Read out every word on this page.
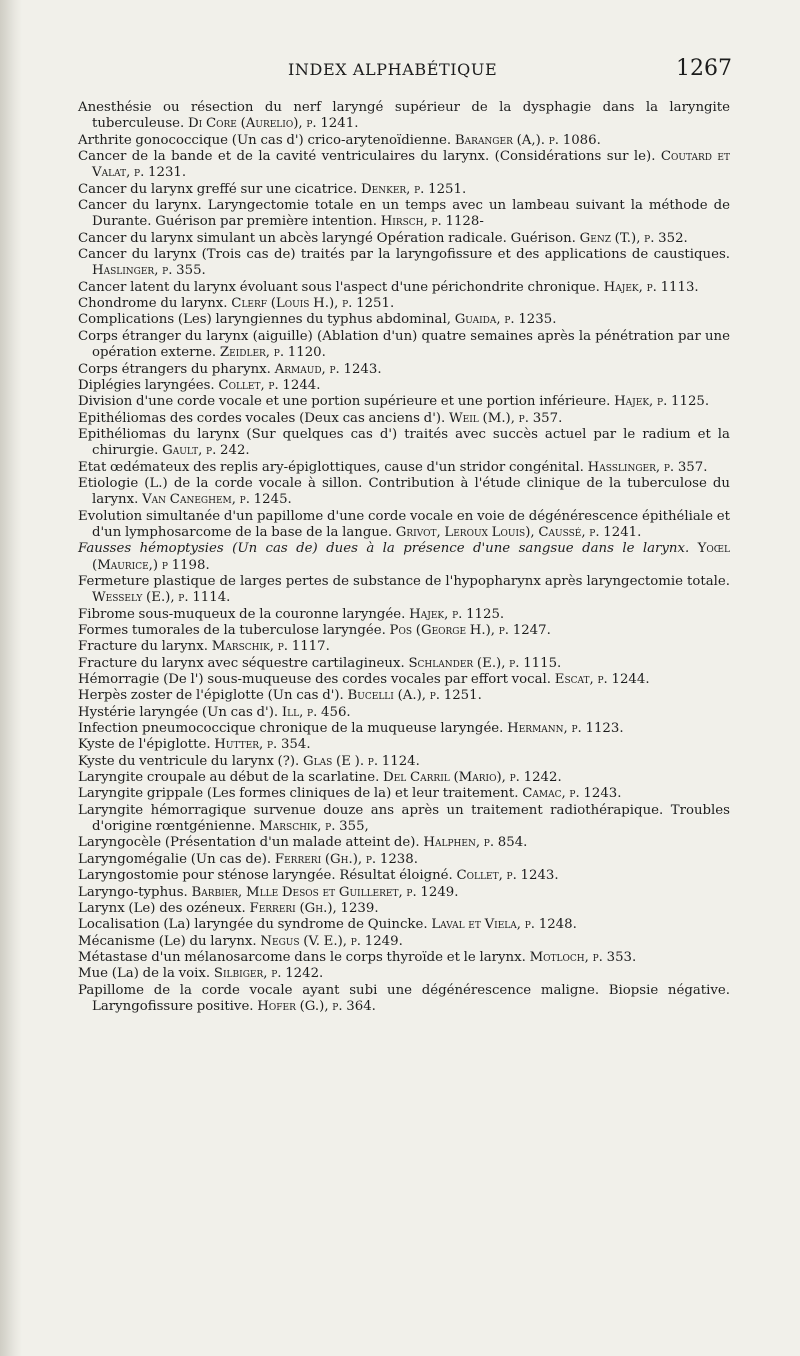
INDEX ALPHABÉTIQUE	1267
Anesthésie ou résection du nerf laryngé supérieur de la dysphagie dans la laryngite tuberculeuse. Di Core (Aurelio), p. 1241.
Arthrite gonococcique (Un cas d') crico-arytenoïdienne. Baranger (A,). p. 1086.
Cancer de la bande et de la cavité ventriculaires du larynx. (Considérations sur le). Coutard et Valat, p. 1231.
Cancer du larynx greffé sur une cicatrice. Denker, p. 1251.
Cancer du larynx. Laryngectomie totale en un temps avec un lambeau suivant la méthode de Durante. Guérison par première intention. Hirsch, p. 1128-
Cancer du larynx simulant un abcès laryngé Opération radicale. Guérison. Genz (T.), p. 352.
Cancer du larynx (Trois cas de) traités par la laryngofissure et des applications de caustiques. Haslinger, p. 355.
Cancer latent du larynx évoluant sous l'aspect d'une périchondrite chronique. Hajek, p. 1113.
Chondrome du larynx. Clerf (Louis H.), p. 1251.
Complications (Les) laryngiennes du typhus abdominal, Guaida, p. 1235.
Corps étranger du larynx (aiguille) (Ablation d'un) quatre semaines après la pénétration par une opération externe. Zeidler, p. 1120.
Corps étrangers du pharynx. Armaud, p. 1243.
Diplégies laryngées. Collet, p. 1244.
Division d'une corde vocale et une portion supérieure et une portion inférieure. Hajek, p. 1125.
Epithéliomas des cordes vocales (Deux cas anciens d'). Weil (M.), p. 357.
Epithéliomas du larynx (Sur quelques cas d') traités avec succès actuel par le radium et la chirurgie. Gault, p. 242.
Etat œdémateux des replis ary-épiglottiques, cause d'un stridor congénital. Hasslinger, p. 357.
Etiologie (L.) de la corde vocale à sillon. Contribution à l'étude clinique de la tuberculose du larynx. Van Caneghem, p. 1245.
Evolution simultanée d'un papillome d'une corde vocale en voie de dégénérescence épithéliale et d'un lymphosarcome de la base de la langue. Grivot, Leroux Louis), Caussé, p. 1241.
Fausses hémoptysies (Un cas de) dues à la présence d'une sangsue dans le larynx. Yoœl (Maurice,) p 1198.
Fermeture plastique de larges pertes de substance de l'hypopharynx après laryngectomie totale. Wessely (E.), p. 1114.
Fibrome sous-muqueux de la couronne laryngée. Hajek, p. 1125.
Formes tumorales de la tuberculose laryngée. Pos (George H.), p. 1247.
Fracture du larynx. Marschik, p. 1117.
Fracture du larynx avec séquestre cartilagineux. Schlander (E.), p. 1115.
Hémorragie (De l') sous-muqueuse des cordes vocales par effort vocal. Escat, p. 1244.
Herpès zoster de l'épiglotte (Un cas d'). Bucelli (A.), p. 1251.
Hystérie laryngée (Un cas d'). Ill, p. 456.
Infection pneumococcique chronique de la muqueuse laryngée. Hermann, p. 1123.
Kyste de l'épiglotte. Hutter, p. 354.
Kyste du ventricule du larynx (?). Glas (E ). p. 1124.
Laryngite croupale au début de la scarlatine. Del Carril (Mario), p. 1242.
Laryngite grippale (Les formes cliniques de la) et leur traitement. Camac, p. 1243.
Laryngite hémorragique survenue douze ans après un traitement radiothérapique. Troubles d'origine rœntgénienne. Marschik, p. 355,
Laryngocèle (Présentation d'un malade atteint de). Halphen, p. 854.
Laryngomégalie (Un cas de). Ferreri (Gh.), p. 1238.
Laryngostomie pour sténose laryngée. Résultat éloigné. Collet, p. 1243.
Laryngo-typhus. Barbier, Mlle Desos et Guilleret, p. 1249.
Larynx (Le) des ozéneux. Ferreri (Gh.), 1239.
Localisation (La) laryngée du syndrome de Quincke. Laval et Viela, p. 1248.
Mécanisme (Le) du larynx. Negus (V. E.), p. 1249.
Métastase d'un mélanosarcome dans le corps thyroïde et le larynx. Motloch, p. 353.
Mue (La) de la voix. Silbiger, p. 1242.
Papillome de la corde vocale ayant subi une dégénérescence maligne. Biopsie négative. Laryngofissure positive. Hofer (G.), p. 364.
